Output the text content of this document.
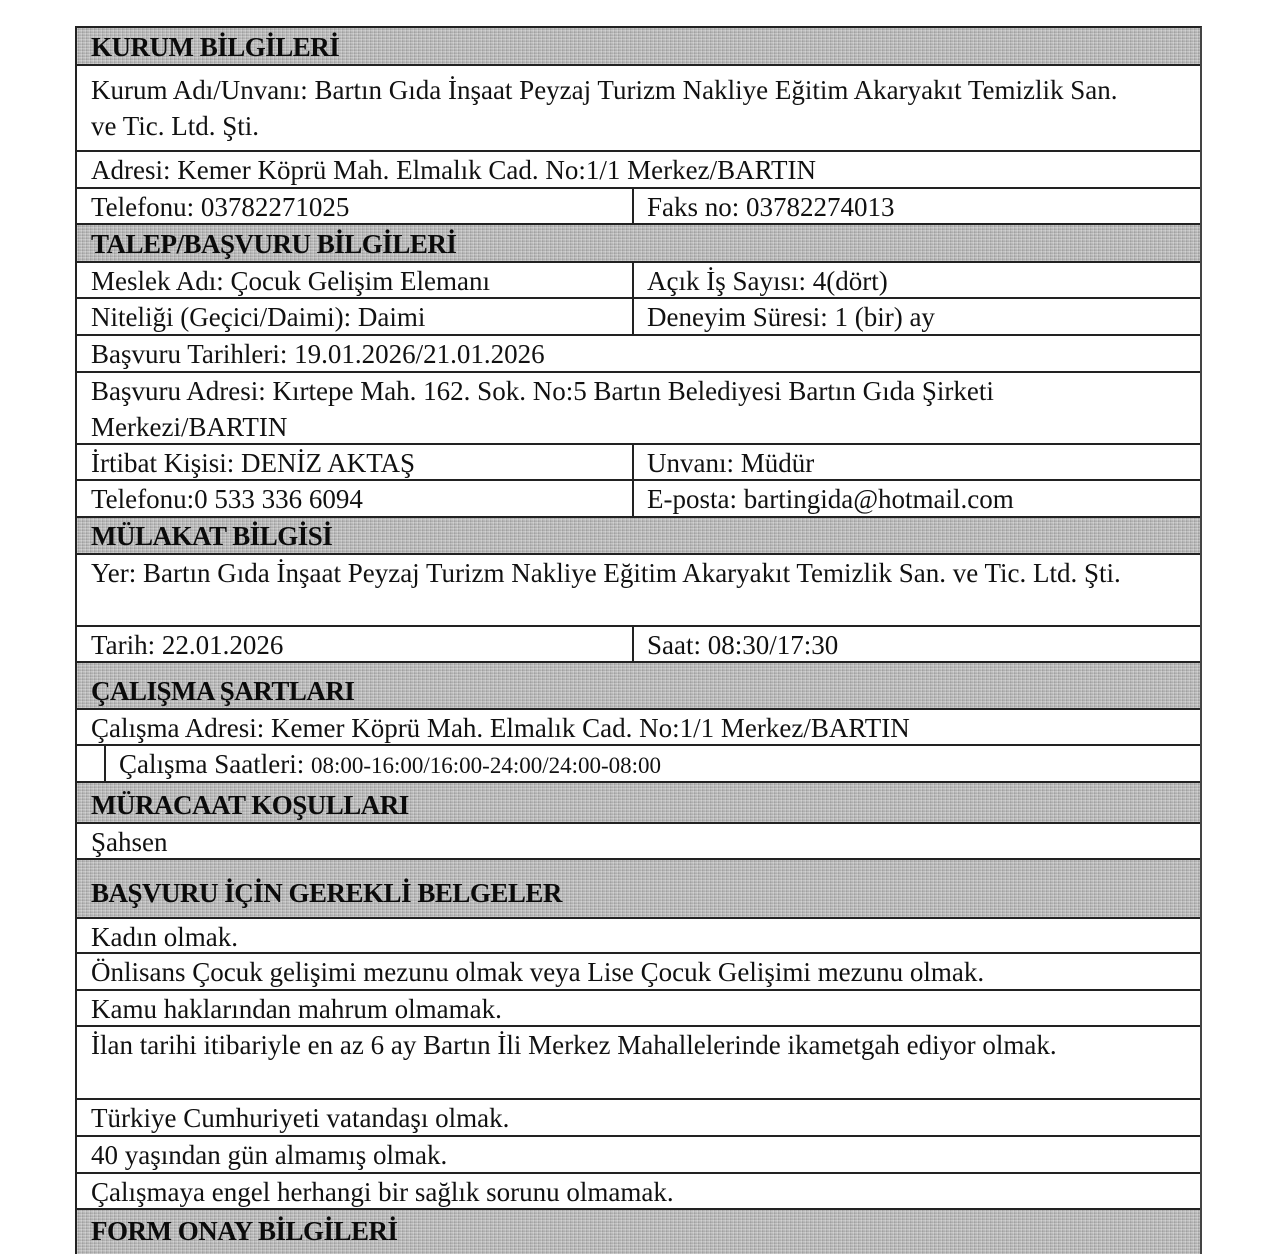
KURUM BİLGİLERİ
Kurum Adı/Unvanı: Bartın Gıda İnşaat Peyzaj Turizm Nakliye Eğitim Akaryakıt Temizlik San. ve Tic. Ltd. Şti.
Adresi: Kemer Köprü Mah. Elmalık Cad. No:1/1 Merkez/BARTIN
Telefonu: 03782271025	Faks no: 03782274013
TALEP/BAŞVURU BİLGİLERİ
Meslek Adı: Çocuk Gelişim Elemanı	Açık İş Sayısı: 4(dört)
Niteliği (Geçici/Daimi): Daimi	Deneyim Süresi: 1 (bir) ay
Başvuru Tarihleri: 19.01.2026/21.01.2026
Başvuru Adresi: Kırtepe Mah. 162. Sok. No:5 Bartın Belediyesi Bartın Gıda Şirketi Merkezi/BARTIN
İrtibat Kişisi: DENİZ AKTAŞ	Unvanı: Müdür
Telefonu:0 533 336 6094	E-posta: bartingida@hotmail.com
MÜLAKAT BİLGİSİ
Yer: Bartın Gıda İnşaat Peyzaj Turizm Nakliye Eğitim Akaryakıt Temizlik San. ve Tic. Ltd. Şti.
Tarih: 22.01.2026	Saat: 08:30/17:30
ÇALIŞMA ŞARTLARI
Çalışma Adresi: Kemer Köprü Mah. Elmalık Cad. No:1/1 Merkez/BARTIN
Çalışma Saatleri: 08:00-16:00/16:00-24:00/24:00-08:00
MÜRACAAT KOŞULLARI
Şahsen
BAŞVURU İÇİN GEREKLİ BELGELER
Kadın olmak.
Önlisans Çocuk gelişimi mezunu olmak veya Lise Çocuk Gelişimi mezunu olmak.
Kamu haklarından mahrum olmamak.
İlan tarihi itibariyle en az 6 ay Bartın İli Merkez Mahallelerinde ikametgah ediyor olmak.
Türkiye Cumhuriyeti vatandaşı olmak.
40 yaşından gün almamış olmak.
Çalışmaya engel herhangi bir sağlık sorunu olmamak.
FORM ONAY BİLGİLERİ
